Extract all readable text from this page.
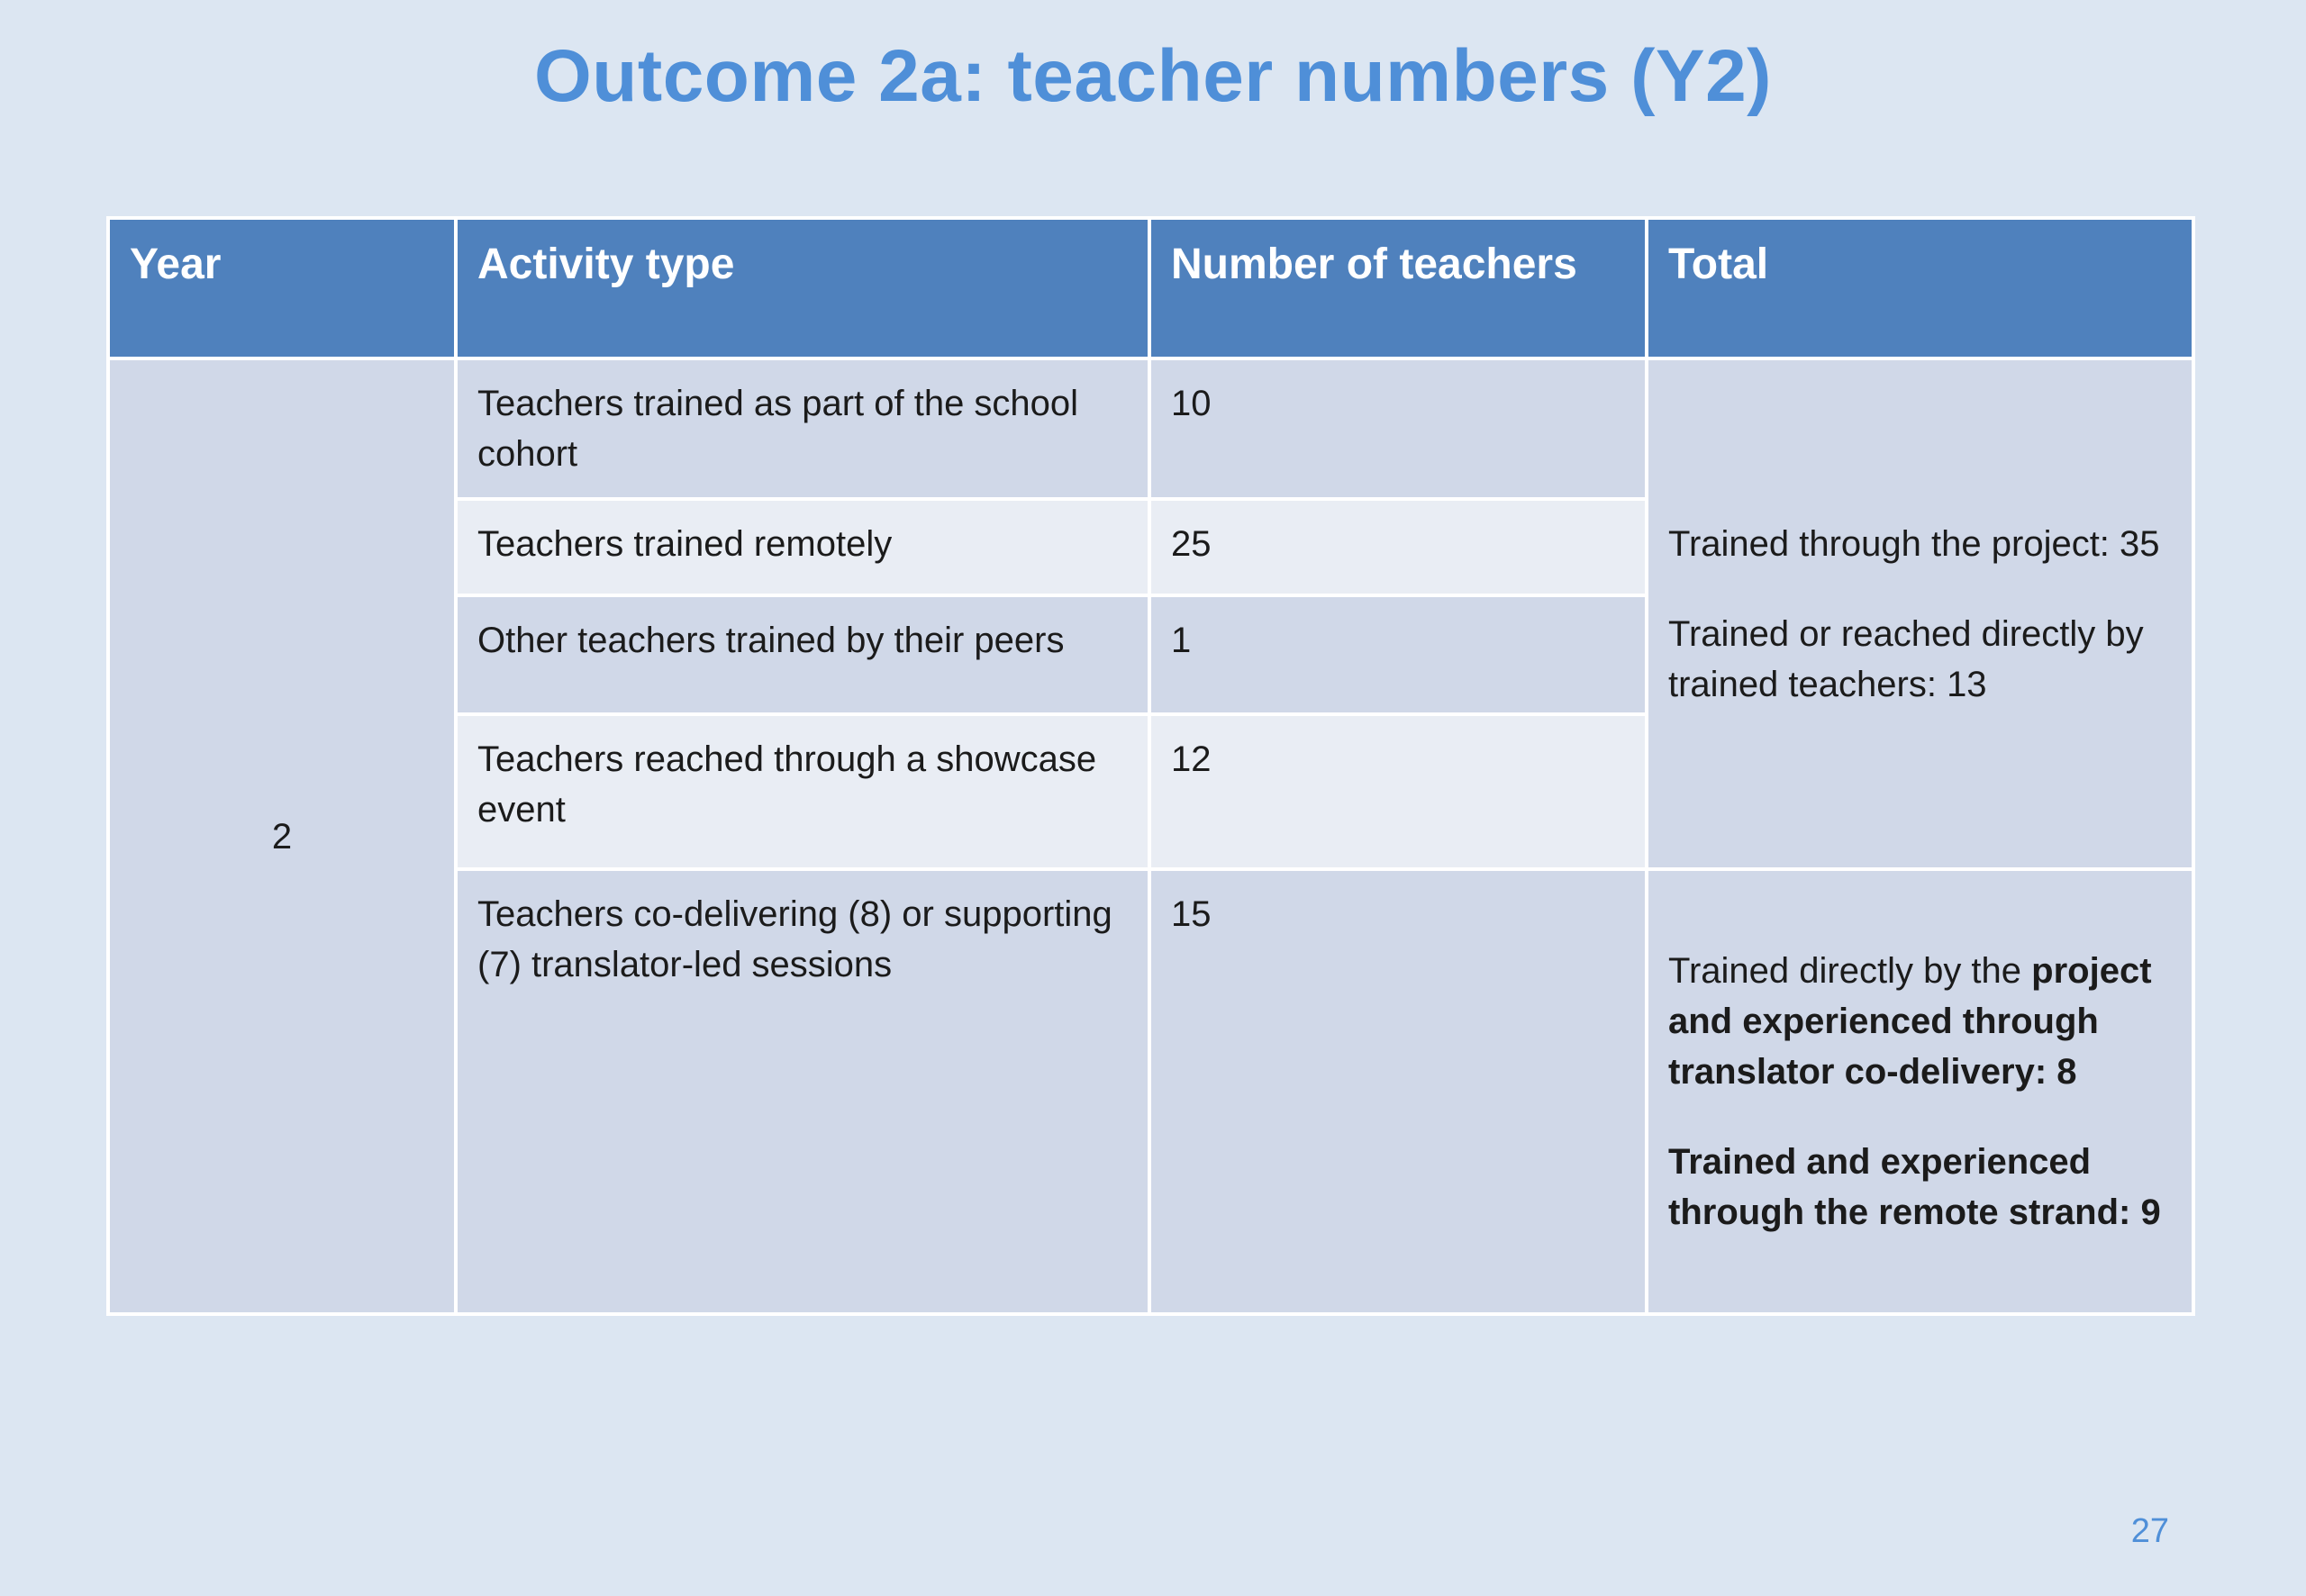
Outcome 2a: teacher numbers (Y2)
Year	Activity type	Number of teachers	Total
2	Teachers trained as part of the school cohort	10	Trained through the project: 35

Trained or reached directly by trained teachers: 13

	Teachers trained remotely	25	
	Other teachers trained by their peers	1	
	Teachers reached through a showcase event	12	
	Teachers co-delivering (8) or supporting (7) translator-led sessions	15	Trained directly by the project and experienced through translator co-delivery: 8

Trained and experienced through the remote strand: 9

27
